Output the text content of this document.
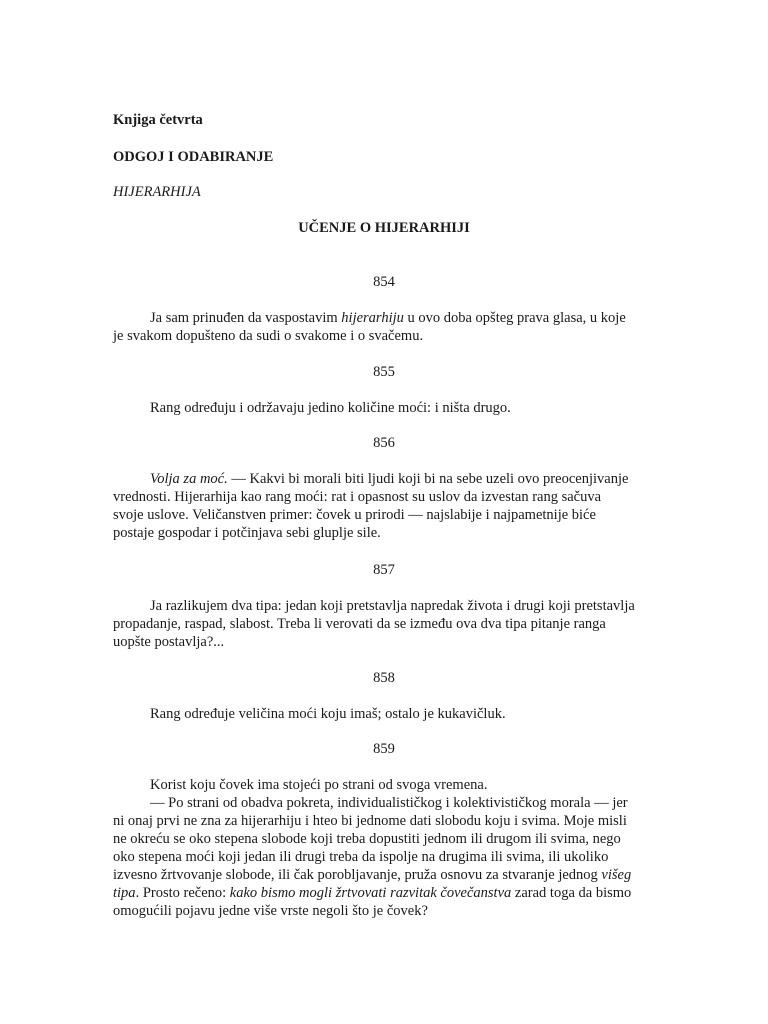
Knjiga četvrta

ODGOJ I ODABIRANJE

HIJERARHIJA

UČENJE O HIJERARHIJI

854

Ja sam prinuđen da vaspostavim hijerarhiju u ovo doba opšteg prava glasa, u koje
je svakom dopušteno da sudi o svakome i o svačemu.

855

Rang određuju i održavaju jedino količine moći: i ništa drugo.

856

Volja za moć. — Kakvi bi morali biti ljudi koji bi na sebe uzeli ovo preocenjivanje
vrednosti. Hijerarhija kao rang moći: rat i opasnost su uslov da izvestan rang sačuva
svoje uslove. Veličanstven primer: čovek u prirodi — najslabije i najpametnije biće
postaje gospodar i potčinjava sebi gluplje sile.

857

Ja razlikujem dva tipa: jedan koji pretstavlja napredak života i drugi koji pretstavlja
propadanje, raspad, slabost. Treba li verovati da se između ova dva tipa pitanje ranga
uopšte postavlja?...

858

Rang određuje veličina moći koju imaš; ostalo je kukavičluk.

859

Korist koju čovek ima stojeći po strani od svoga vremena.
— Po strani od obadva pokreta, individualističkog i kolektivističkog morala — jer
ni onaj prvi ne zna za hijerarhiju i hteo bi jednome dati slobodu koju i svima. Moje misli
ne okreću se oko stepena slobode koji treba dopustiti jednom ili drugom ili svima, nego
oko stepena moći koji jedan ili drugi treba da ispolje na drugima ili svima, ili ukoliko
izvesno žrtvovanje slobode, ili čak porobljavanje, pruža osnovu za stvaranje jednog višeg
tipa. Prosto rečeno: kako bismo mogli žrtvovati razvitak čovečanstva zarad toga da bismo
omogućili pojavu jedne više vrste negoli što je čovek?
